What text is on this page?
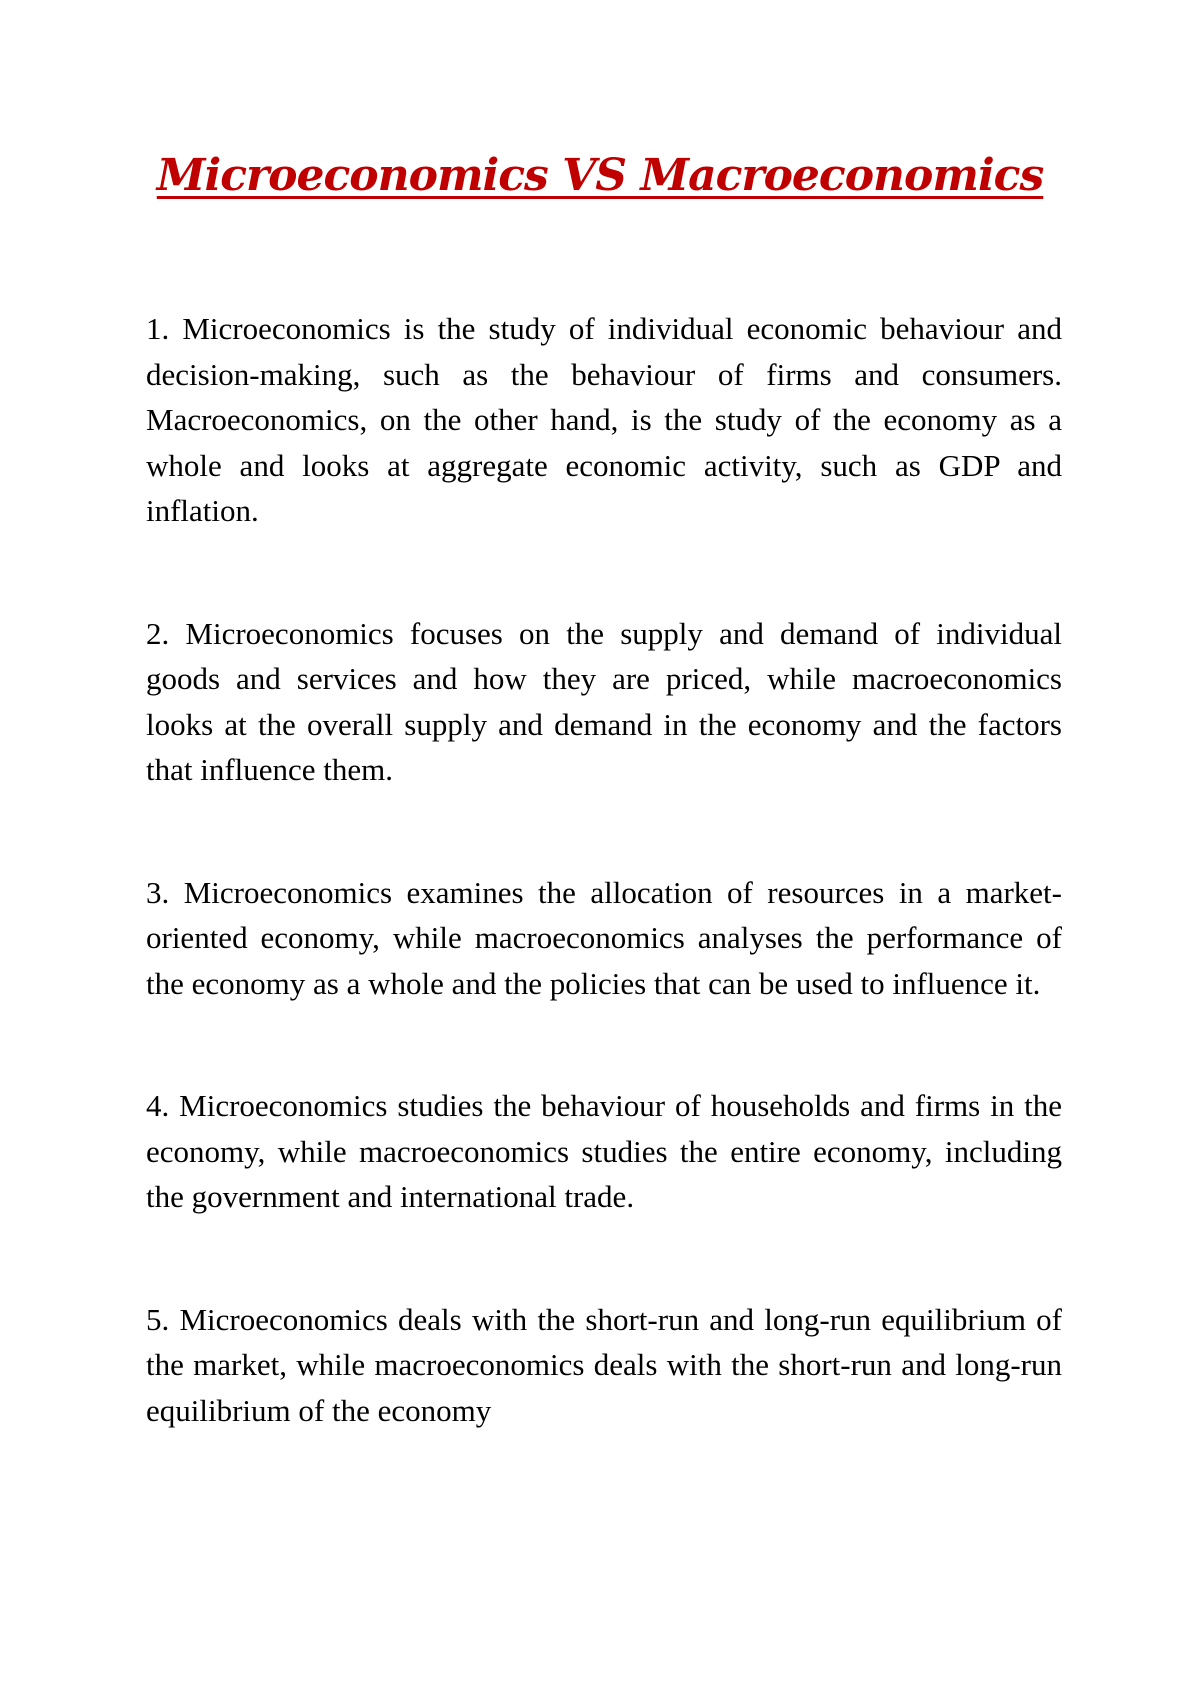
Microeconomics VS Macroeconomics

1. Microeconomics is the study of individual economic behaviour and decision-making, such as the behaviour of firms and consumers. Macroeconomics, on the other hand, is the study of the economy as a whole and looks at aggregate economic activity, such as GDP and inflation.

2. Microeconomics focuses on the supply and demand of individual goods and services and how they are priced, while macroeconomics looks at the overall supply and demand in the economy and the factors that influence them.

3. Microeconomics examines the allocation of resources in a market-oriented economy, while macroeconomics analyses the performance of the economy as a whole and the policies that can be used to influence it.

4. Microeconomics studies the behaviour of households and firms in the economy, while macroeconomics studies the entire economy, including the government and international trade.

5. Microeconomics deals with the short-run and long-run equilibrium of the market, while macroeconomics deals with the short-run and long-run equilibrium of the economy
